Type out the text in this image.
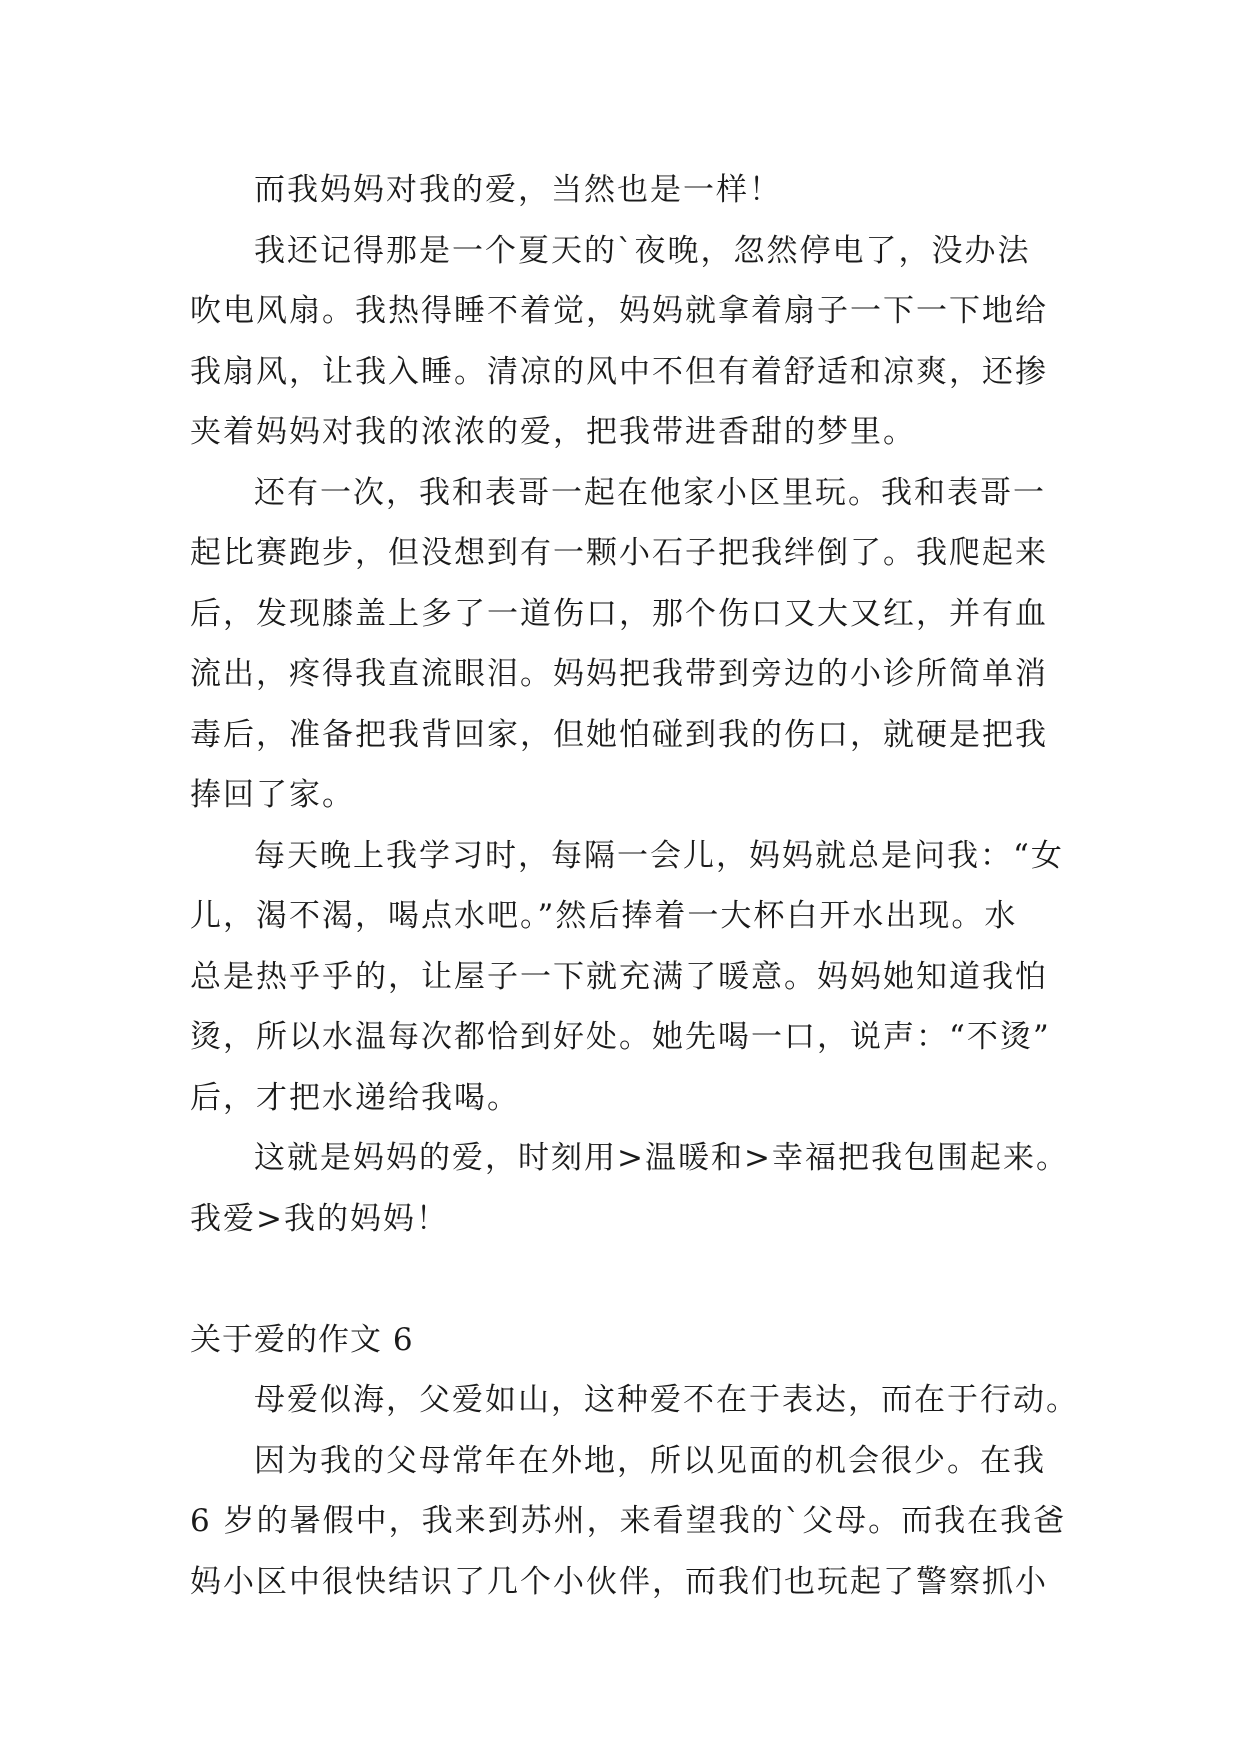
而我妈妈对我的爱，当然也是一样！
我还记得那是一个夏天的`夜晚，忽然停电了，没办法
吹电风扇。我热得睡不着觉，妈妈就拿着扇子一下一下地给
我扇风，让我入睡。清凉的风中不但有着舒适和凉爽，还掺
夹着妈妈对我的浓浓的爱，把我带进香甜的梦里。
还有一次，我和表哥一起在他家小区里玩。我和表哥一
起比赛跑步，但没想到有一颗小石子把我绊倒了。我爬起来
后，发现膝盖上多了一道伤口，那个伤口又大又红，并有血
流出，疼得我直流眼泪。妈妈把我带到旁边的小诊所简单消
毒后，准备把我背回家，但她怕碰到我的伤口，就硬是把我
捧回了家。
每天晚上我学习时，每隔一会儿，妈妈就总是问我：“女
儿，渴不渴，喝点水吧。”然后捧着一大杯白开水出现。水
总是热乎乎的，让屋子一下就充满了暖意。妈妈她知道我怕
烫，所以水温每次都恰到好处。她先喝一口，说声：“不烫”
后，才把水递给我喝。
这就是妈妈的爱，时刻用>温暖和>幸福把我包围起来。
我爱>我的妈妈！
关于爱的作文 6
母爱似海，父爱如山，这种爱不在于表达，而在于行动。
因为我的父母常年在外地，所以见面的机会很少。在我
6 岁的暑假中，我来到苏州，来看望我的`父母。而我在我爸
妈小区中很快结识了几个小伙伴，而我们也玩起了警察抓小
